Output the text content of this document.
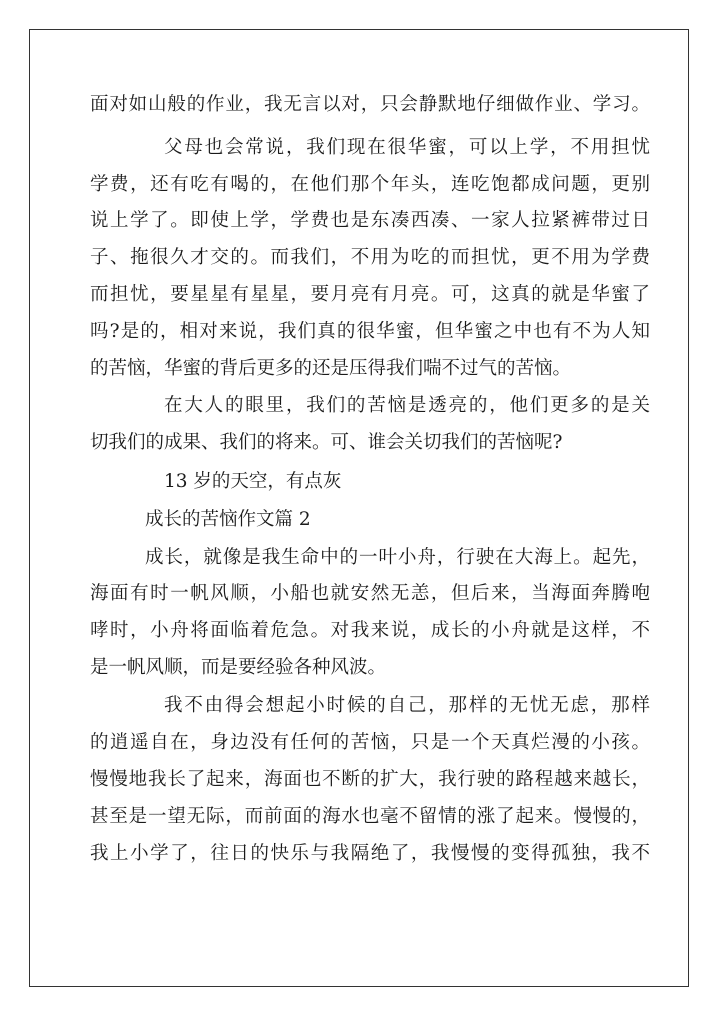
面对如山般的作业，我无言以对，只会静默地仔细做作业、学习。
父母也会常说，我们现在很华蜜，可以上学，不用担忧
学费，还有吃有喝的，在他们那个年头，连吃饱都成问题，更别
说上学了。即使上学，学费也是东凑西凑、一家人拉紧裤带过日
子、拖很久才交的。而我们，不用为吃的而担忧，更不用为学费
而担忧，要星星有星星，要月亮有月亮。可，这真的就是华蜜了
吗?是的，相对来说，我们真的很华蜜，但华蜜之中也有不为人知
的苦恼，华蜜的背后更多的还是压得我们喘不过气的苦恼。
在大人的眼里，我们的苦恼是透亮的，他们更多的是关
切我们的成果、我们的将来。可、谁会关切我们的苦恼呢?
13 岁的天空，有点灰
成长的苦恼作文篇 2
成长，就像是我生命中的一叶小舟，行驶在大海上。起先，
海面有时一帆风顺，小船也就安然无恙，但后来，当海面奔腾咆
哮时，小舟将面临着危急。对我来说，成长的小舟就是这样，不
是一帆风顺，而是要经验各种风波。
我不由得会想起小时候的自己，那样的无忧无虑，那样
的逍遥自在，身边没有任何的苦恼，只是一个天真烂漫的小孩。
慢慢地我长了起来，海面也不断的扩大，我行驶的路程越来越长，
甚至是一望无际，而前面的海水也毫不留情的涨了起来。慢慢的，
我上小学了，往日的快乐与我隔绝了，我慢慢的变得孤独，我不
